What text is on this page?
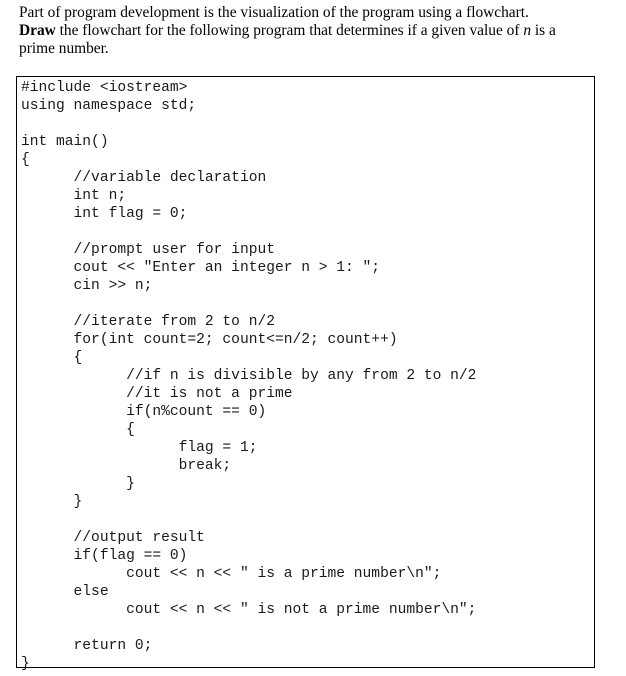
Part of program development is the visualization of the program using a flowchart.
Draw the flowchart for the following program that determines if a given value of n is a
prime number.
#include <iostream>
using namespace std;
int main()
{
//variable declaration
int n;
int flag = 0;
//prompt user for input
cout << "Enter an integer n > 1: ";
cin >> n;
//iterate from 2 to n/2
for(int count=2; count<=n/2; count++)
{
//if n is divisible by any from 2 to n/2
//it is not a prime
if(n%count == 0)
{
flag = 1;
break;
}
}
//output result
if(flag == 0)
cout << n << " is a prime number\n";
else
cout << n << " is not a prime number\n";
return 0;
}
